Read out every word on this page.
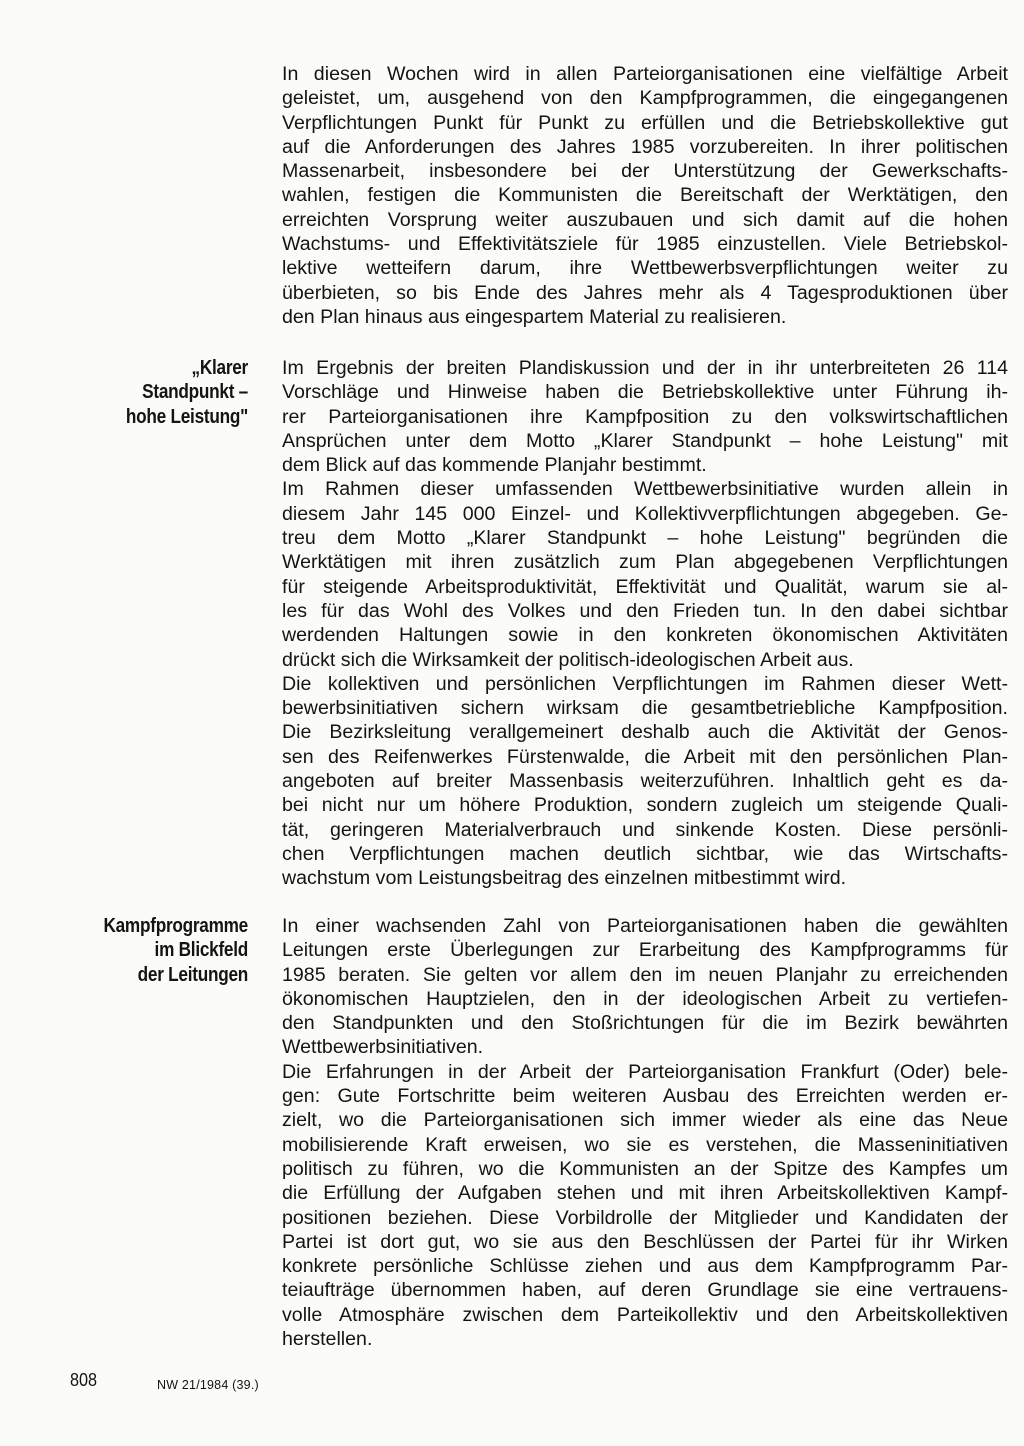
In diesen Wochen wird in allen Parteiorganisationen eine vielfältige Arbeit
geleistet, um, ausgehend von den Kampfprogrammen, die eingegangenen
Verpflichtungen Punkt für Punkt zu erfüllen und die Betriebskollektive gut
auf die Anforderungen des Jahres 1985 vorzubereiten. In ihrer politischen
Massenarbeit, insbesondere bei der Unterstützung der Gewerkschafts-
wahlen, festigen die Kommunisten die Bereitschaft der Werktätigen, den
erreichten Vorsprung weiter auszubauen und sich damit auf die hohen
Wachstums- und Effektivitätsziele für 1985 einzustellen. Viele Betriebskol-
lektive wetteifern darum, ihre Wettbewerbsverpflichtungen weiter zu
überbieten, so bis Ende des Jahres mehr als 4 Tagesproduktionen über
den Plan hinaus aus eingespartem Material zu realisieren.
„Klarer
Standpunkt –
hohe Leistung"
Im Ergebnis der breiten Plandiskussion und der in ihr unterbreiteten 26 114
Vorschläge und Hinweise haben die Betriebskollektive unter Führung ih-
rer Parteiorganisationen ihre Kampfposition zu den volkswirtschaftlichen
Ansprüchen unter dem Motto „Klarer Standpunkt – hohe Leistung" mit
dem Blick auf das kommende Planjahr bestimmt.
Im Rahmen dieser umfassenden Wettbewerbsinitiative wurden allein in
diesem Jahr 145 000 Einzel- und Kollektivverpflichtungen abgegeben. Ge-
treu dem Motto „Klarer Standpunkt – hohe Leistung" begründen die
Werktätigen mit ihren zusätzlich zum Plan abgegebenen Verpflichtungen
für steigende Arbeitsproduktivität, Effektivität und Qualität, warum sie al-
les für das Wohl des Volkes und den Frieden tun. In den dabei sichtbar
werdenden Haltungen sowie in den konkreten ökonomischen Aktivitäten
drückt sich die Wirksamkeit der politisch-ideologischen Arbeit aus.
Die kollektiven und persönlichen Verpflichtungen im Rahmen dieser Wett-
bewerbsinitiativen sichern wirksam die gesamtbetriebliche Kampfposition.
Die Bezirksleitung verallgemeinert deshalb auch die Aktivität der Genos-
sen des Reifenwerkes Fürstenwalde, die Arbeit mit den persönlichen Plan-
angeboten auf breiter Massenbasis weiterzuführen. Inhaltlich geht es da-
bei nicht nur um höhere Produktion, sondern zugleich um steigende Quali-
tät, geringeren Materialverbrauch und sinkende Kosten. Diese persönli-
chen Verpflichtungen machen deutlich sichtbar, wie das Wirtschafts-
wachstum vom Leistungsbeitrag des einzelnen mitbestimmt wird.
Kampfprogramme
im Blickfeld
der Leitungen
In einer wachsenden Zahl von Parteiorganisationen haben die gewählten
Leitungen erste Überlegungen zur Erarbeitung des Kampfprogramms für
1985 beraten. Sie gelten vor allem den im neuen Planjahr zu erreichenden
ökonomischen Hauptzielen, den in der ideologischen Arbeit zu vertiefen-
den Standpunkten und den Stoßrichtungen für die im Bezirk bewährten
Wettbewerbsinitiativen.
Die Erfahrungen in der Arbeit der Parteiorganisation Frankfurt (Oder) bele-
gen: Gute Fortschritte beim weiteren Ausbau des Erreichten werden er-
zielt, wo die Parteiorganisationen sich immer wieder als eine das Neue
mobilisierende Kraft erweisen, wo sie es verstehen, die Masseninitiativen
politisch zu führen, wo die Kommunisten an der Spitze des Kampfes um
die Erfüllung der Aufgaben stehen und mit ihren Arbeitskollektiven Kampf-
positionen beziehen. Diese Vorbildrolle der Mitglieder und Kandidaten der
Partei ist dort gut, wo sie aus den Beschlüssen der Partei für ihr Wirken
konkrete persönliche Schlüsse ziehen und aus dem Kampfprogramm Par-
teiaufträge übernommen haben, auf deren Grundlage sie eine vertrauens-
volle Atmosphäre zwischen dem Parteikollektiv und den Arbeitskollektiven
herstellen.
808	NW 21/1984 (39.)
